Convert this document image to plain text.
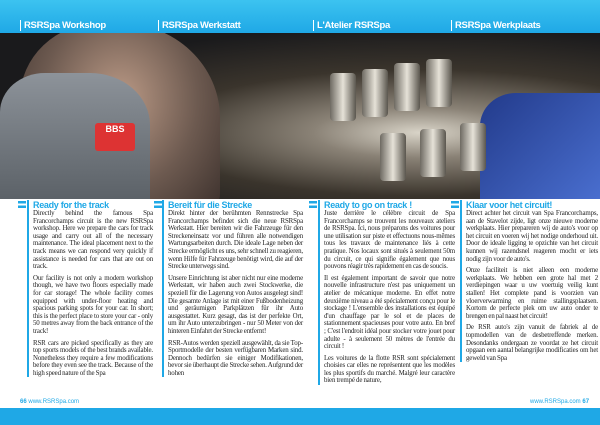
RSRSpa Workshop	RSRSpa Werkstatt	L'Atelier RSRSpa	RSRSpa Werkplaats
BBS
Ready for the track

Directly behind the famous Spa Francorchamps circuit is the new RSRSpa workshop. Here we prepare the cars for track usage and carry out all of the necessary maintenance. The ideal placement next to the track means we can respond very quickly if assistance is needed for cars that are out on track.

Our facility is not only a modern workshop though, we have two floors especially made for car storage! The whole facility comes equipped with under-floor heating and spacious parking spots for your car. In short; this is the perfect place to store your car - only 50 metres away from the back entrance of the track!

RSR cars are picked specifically as they are top sports models of the best brands available. Nonetheless they require a few modifications before they even see the track. Because of the high speed nature of the Spa

Bereit für die Strecke

Direkt hinter der berühmten Rennstrecke Spa Francorchamps befindet sich die neue RSRSpa Werkstatt. Hier bereiten wir die Fahrzeuge für den Streckeneinsatz vor und führen alle notwendigen Wartungsarbeiten durch. Die ideale Lage neben der Strecke ermöglicht es uns, sehr schnell zu reagieren, wenn Hilfe für Fahrzeuge benötigt wird, die auf der Strecke unterwegs sind.

Unsere Einrichtung ist aber nicht nur eine moderne Werkstatt, wir haben auch zwei Stockwerke, die speziell für die Lagerung von Autos ausgelegt sind! Die gesamte Anlage ist mit einer Fußbodenheizung und geräumigen Parkplätzen für ihr Auto ausgestattet. Kurz gesagt, das ist der perfekte Ort, um ihr Auto unterzubringen - nur 50 Meter von der hinteren Einfahrt der Strecke entfernt!

RSR-Autos werden speziell ausgewählt, da sie Top-Sportmodelle der besten verfügbaren Marken sind. Dennoch bedürfen sie einiger Modifikationen, bevor sie überhaupt die Strecke sehen. Aufgrund der hohen

Ready to go on track !

Juste derrière le célèbre circuit de Spa Francorchamps se trouvent les nouveaux ateliers de RSRSpa. Ici, nous préparons des voitures pour une utilisation sur piste et effectuons nous-mêmes tous les travaux de maintenance liés à cette pratique. Nos locaux sont situés à seulement 50m du circuit, ce qui signifie également que nous pouvons réagir très rapidement en cas de soucis.

Il est également important de savoir que notre nouvelle infrastructure n'est pas uniquement un atelier de mécanique moderne. En effet notre deuxième niveau a été spécialement conçu pour le stockage ! L'ensemble des installations est équipé d'un chauffage par le sol et de places de stationnement spacieuses pour votre auto. En bref ; C'est l'endroit idéal pour stocker votre jouet pour adulte - à seulement 50 mètres de l'entrée du circuit !

Les voitures de la flotte RSR sont spécialement choisies car elles ne représentent que les modèles les plus sportifs du marché. Malgré leur caractère bien trempé de nature,

Klaar voor het circuit!

Direct achter het circuit van Spa Francorchamps, aan de Stavelot zijde, ligt onze nieuwe moderne werkplaats. Hier prepareren wij de auto's voor op het circuit en voeren wij het nodige onderhoud uit. Door de ideale ligging te opzichte van het circuit kunnen wij razendsnel reageren mocht er iets nodig zijn voor de auto's.

Onze faciliteit is niet alleen een moderne werkplaats. We hebben een grote hal met 2 verdiepingen waar u uw voertuig veilig kunt stallen! Het complete pand is voorzien van vloerverwarming en ruime stallingsplaatsen. Kortom de perfecte plek om uw auto onder te brengen en pal naast het circuit!

De RSR auto's zijn vanuit de fabriek al de topmodellen van de desbetreffende merken. Desondanks ondergaan ze voordat ze het circuit opgaan een aantal belangrijke modificaties om het geweld van Spa

66 www.RSRSpa.com	www.RSRSpa.com 67
